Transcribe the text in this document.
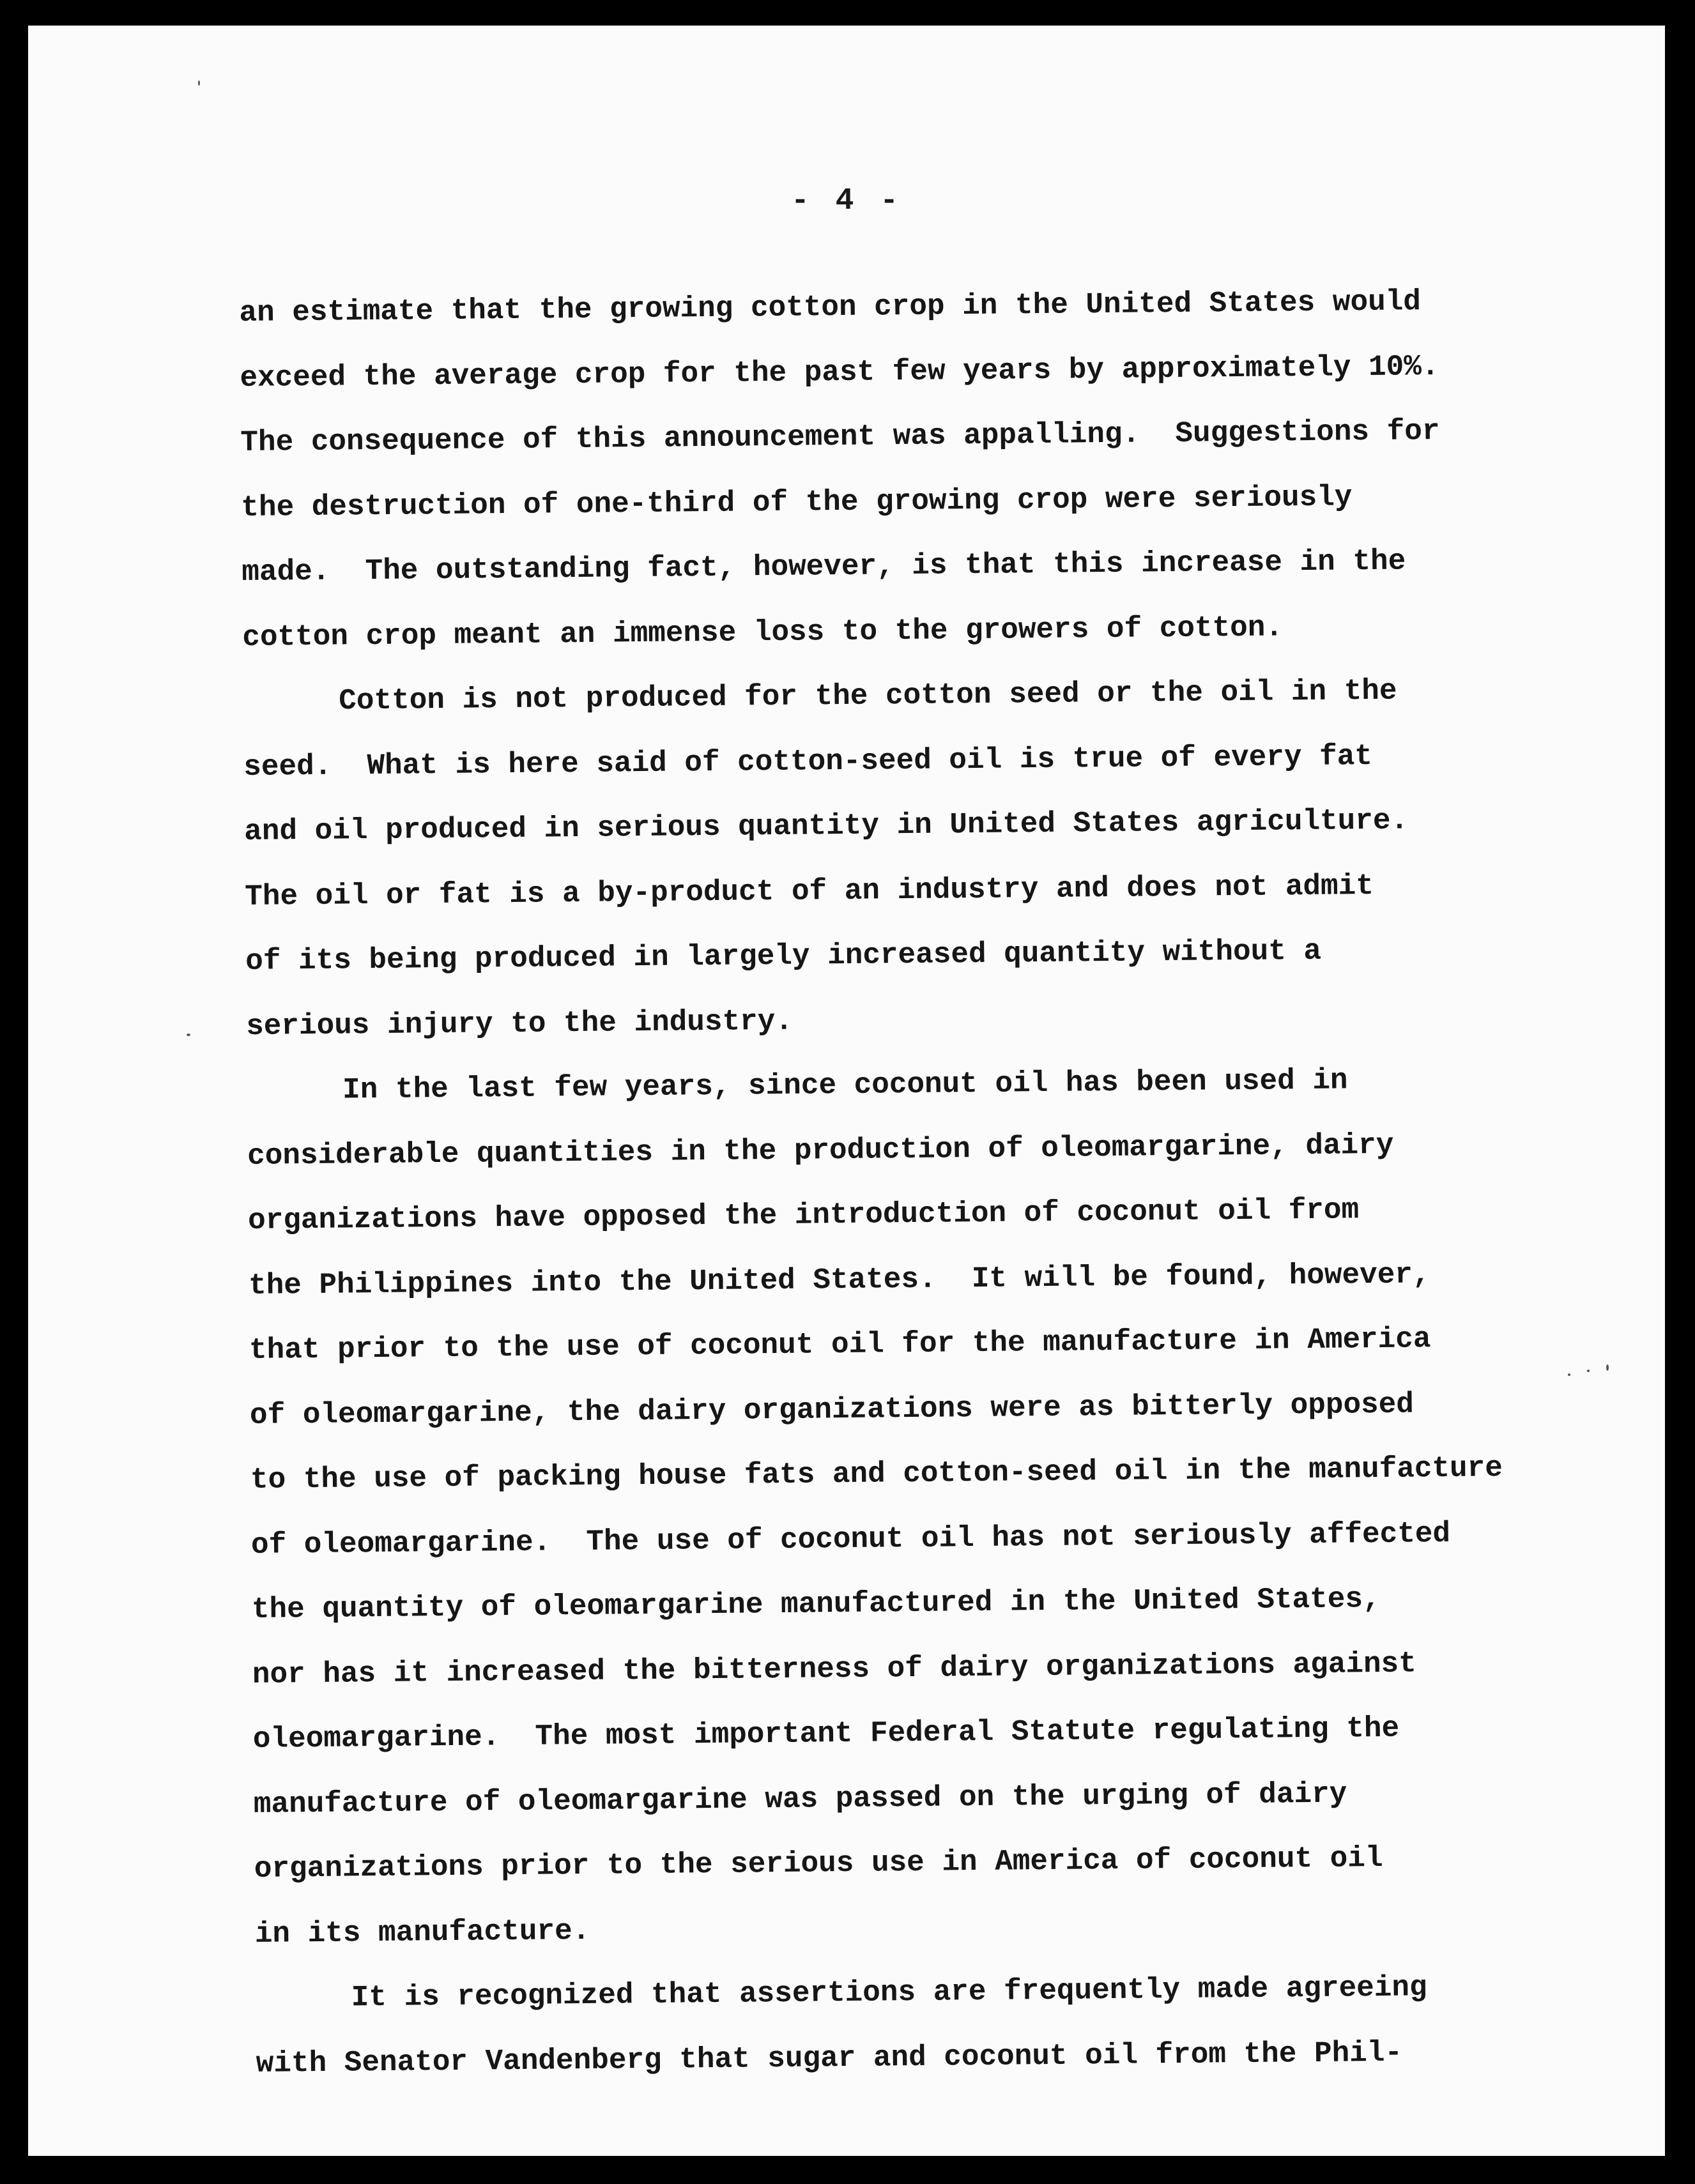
- 4 -
an estimate that the growing cotton crop in the United States would
exceed the average crop for the past few years by approximately 10%.
The consequence of this announcement was appalling.  Suggestions for
the destruction of one-third of the growing crop were seriously
made.  The outstanding fact, however, is that this increase in the
cotton crop meant an immense loss to the growers of cotton.
Cotton is not produced for the cotton seed or the oil in the
seed.  What is here said of cotton-seed oil is true of every fat
and oil produced in serious quantity in United States agriculture.
The oil or fat is a by-product of an industry and does not admit
of its being produced in largely increased quantity without a
serious injury to the industry.
In the last few years, since coconut oil has been used in
considerable quantities in the production of oleomargarine, dairy
organizations have opposed the introduction of coconut oil from
the Philippines into the United States.  It will be found, however,
that prior to the use of coconut oil for the manufacture in America
of oleomargarine, the dairy organizations were as bitterly opposed
to the use of packing house fats and cotton-seed oil in the manufacture
of oleomargarine.  The use of coconut oil has not seriously affected
the quantity of oleomargarine manufactured in the United States,
nor has it increased the bitterness of dairy organizations against
oleomargarine.  The most important Federal Statute regulating the
manufacture of oleomargarine was passed on the urging of dairy
organizations prior to the serious use in America of coconut oil
in its manufacture.
It is recognized that assertions are frequently made agreeing
with Senator Vandenberg that sugar and coconut oil from the Phil-
